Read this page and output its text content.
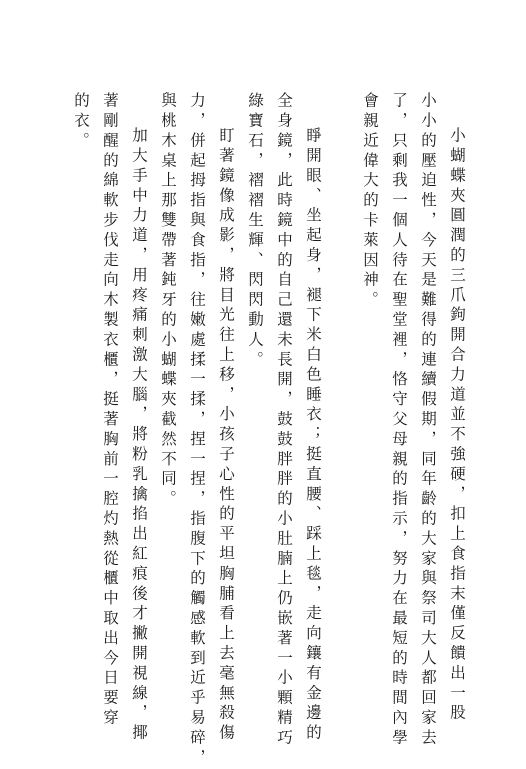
小蝴蝶夾圓潤的三爪鉤開合力道並不強硬，扣上食指末僅反饋出一股
小小的壓迫性，今天是難得的連續假期，同年齡的大家與祭司大人都回家去
了，只剩我一個人待在聖堂裡，恪守父母親的指示，努力在最短的時間內學
會親近偉大的卡萊因神。
睜開眼、坐起身，褪下米白色睡衣；挺直腰、踩上毯，走向鑲有金邊的
全身鏡，此時鏡中的自己還未長開，鼓鼓胖胖的小肚腩上仍嵌著一小顆精巧
綠寶石，褶褶生輝、閃閃動人。
盯著鏡像成影，將目光往上移，小孩子心性的平坦胸脯看上去毫無殺傷
力，併起拇指與食指，往嫩處揉一揉，捏一捏，指腹下的觸感軟到近乎易碎，
與桃木桌上那雙帶著鈍牙的小蝴蝶夾截然不同。
加大手中力道，用疼痛刺激大腦，將粉乳擒掐出紅痕後才撇開視線，揶
著剛醒的綿軟步伐走向木製衣櫃，挺著胸前一腔灼熱從櫃中取出今日要穿
的衣。
